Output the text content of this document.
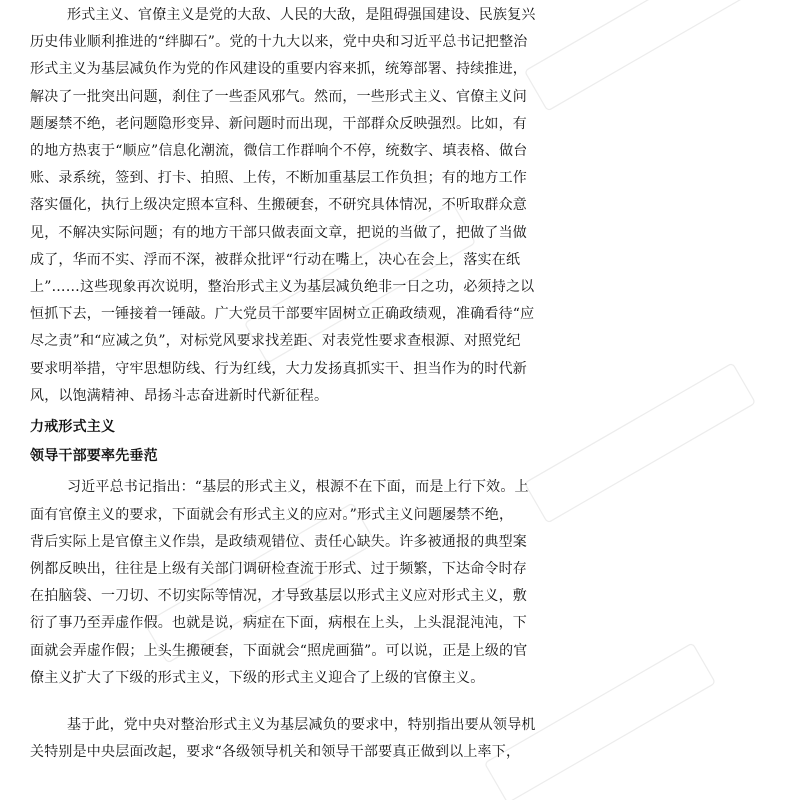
力戒形式主义
领导干部要率先垂范
习近平总书记指出：“基层的形式主义，根源不在下面，而是上行下效。上
面有官僚主义的要求，下面就会有形式主义的应对。”形式主义问题屡禁不绝，
背后实际上是官僚主义作祟，是政绩观错位、责任心缺失。许多被通报的典型案
例都反映出，往往是上级有关部门调研检查流于形式、过于频繁，下达命令时存
在拍脑袋、一刀切、不切实际等情况，才导致基层以形式主义应对形式主义，敷
衍了事乃至弄虚作假。也就是说，病症在下面，病根在上头，上头混混沌沌，下
面就会弄虚作假；上头生搬硬套，下面就会“照虎画猫”。可以说，正是上级的官
僚主义扩大了下级的形式主义，下级的形式主义迎合了上级的官僚主义。
基于此，党中央对整治形式主义为基层减负的要求中，特别指出要从领导机
关特别是中央层面改起，要求“各级领导机关和领导干部要真正做到以上率下，
形式主义、官僚主义是党的大敌、人民的大敌，是阻碍强国建设、民族复兴
历史伟业顺利推进的“绊脚石”。党的十九大以来，党中央和习近平总书记把整治
形式主义为基层减负作为党的作风建设的重要内容来抓，统筹部署、持续推进，
解决了一批突出问题，刹住了一些歪风邪气。然而，一些形式主义、官僚主义问
题屡禁不绝，老问题隐形变异、新问题时而出现，干部群众反映强烈。比如，有
的地方热衷于“顺应”信息化潮流，微信工作群响个不停，统数字、填表格、做台
账、录系统，签到、打卡、拍照、上传，不断加重基层工作负担；有的地方工作
落实僵化，执行上级决定照本宣科、生搬硬套，不研究具体情况，不听取群众意
见，不解决实际问题；有的地方干部只做表面文章，把说的当做了，把做了当做
成了，华而不实、浮而不深，被群众批评“行动在嘴上，决心在会上，落实在纸
上”……这些现象再次说明，整治形式主义为基层减负绝非一日之功，必须持之以
恒抓下去，一锤接着一锤敲。广大党员干部要牢固树立正确政绩观，准确看待“应
尽之责”和“应减之负”，对标党风要求找差距、对表党性要求查根源、对照党纪
要求明举措，守牢思想防线、行为红线，大力发扬真抓实干、担当作为的时代新
风，以饱满精神、昂扬斗志奋进新时代新征程。
